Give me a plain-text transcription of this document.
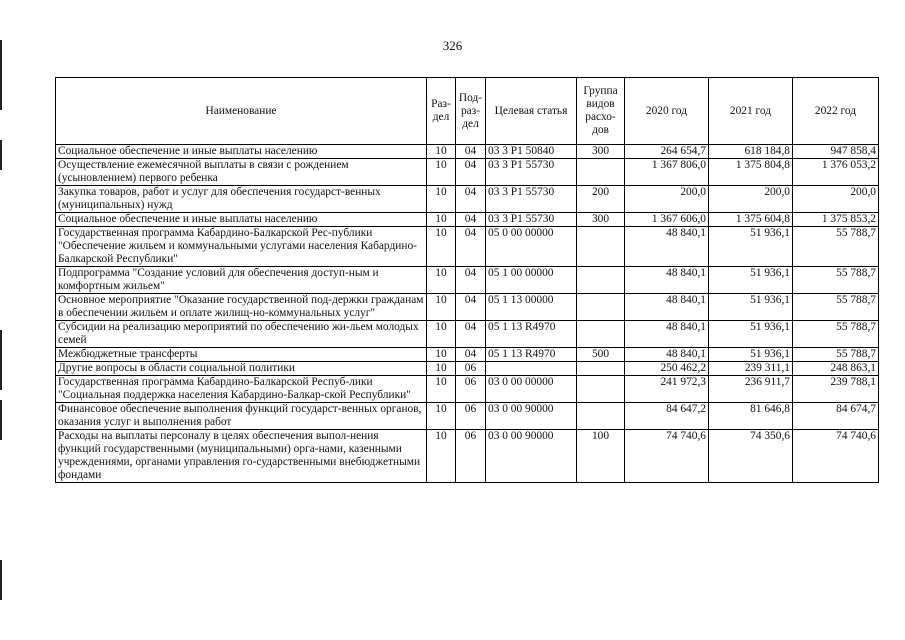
326
Наименование	Раз-дел	Под-раз-дел	Целевая статья	Группа видов расхо-дов	2020 год	2021 год	2022 год
Социальное обеспечение и иные выплаты населению	10	04	03 3 P1 50840	300	264 654,7	618 184,8	947 858,4
Осуществление ежемесячной выплаты в связи с рождением (усыновлением) первого ребенка	10	04	03 3 P1 55730		1 367 806,0	1 375 804,8	1 376 053,2
Закупка товаров, работ и услуг для обеспечения государст-венных (муниципальных) нужд	10	04	03 3 P1 55730	200	200,0	200,0	200,0
Социальное обеспечение и иные выплаты населению	10	04	03 3 P1 55730	300	1 367 606,0	1 375 604,8	1 375 853,2
Государственная программа Кабардино-Балкарской Рес-публики "Обеспечение жильем и коммунальными услугами населения Кабардино-Балкарской Республики"	10	04	05 0 00 00000		48 840,1	51 936,1	55 788,7
Подпрограмма "Создание условий для обеспечения доступ-ным и комфортным жильем"	10	04	05 1 00 00000		48 840,1	51 936,1	55 788,7
Основное мероприятие "Оказание государственной под-держки гражданам в обеспечении жильем и оплате жилищ-но-коммунальных услуг"	10	04	05 1 13 00000		48 840,1	51 936,1	55 788,7
Субсидии на реализацию мероприятий по обеспечению жи-льем молодых семей	10	04	05 1 13 R4970		48 840,1	51 936,1	55 788,7
Межбюджетные трансферты	10	04	05 1 13 R4970	500	48 840,1	51 936,1	55 788,7
Другие вопросы в области социальной политики	10	06			250 462,2	239 311,1	248 863,1
Государственная программа Кабардино-Балкарской Респуб-лики "Социальная поддержка населения Кабардино-Балкар-ской Республики"	10	06	03 0 00 00000		241 972,3	236 911,7	239 788,1
Финансовое обеспечение выполнения функций государст-венных органов, оказания услуг и выполнения работ	10	06	03 0 00 90000		84 647,2	81 646,8	84 674,7
Расходы на выплаты персоналу в целях обеспечения выпол-нения функций государственными (муниципальными) орга-нами, казенными учреждениями, органами управления го-сударственными внебюджетными фондами	10	06	03 0 00 90000	100	74 740,6	74 350,6	74 740,6
